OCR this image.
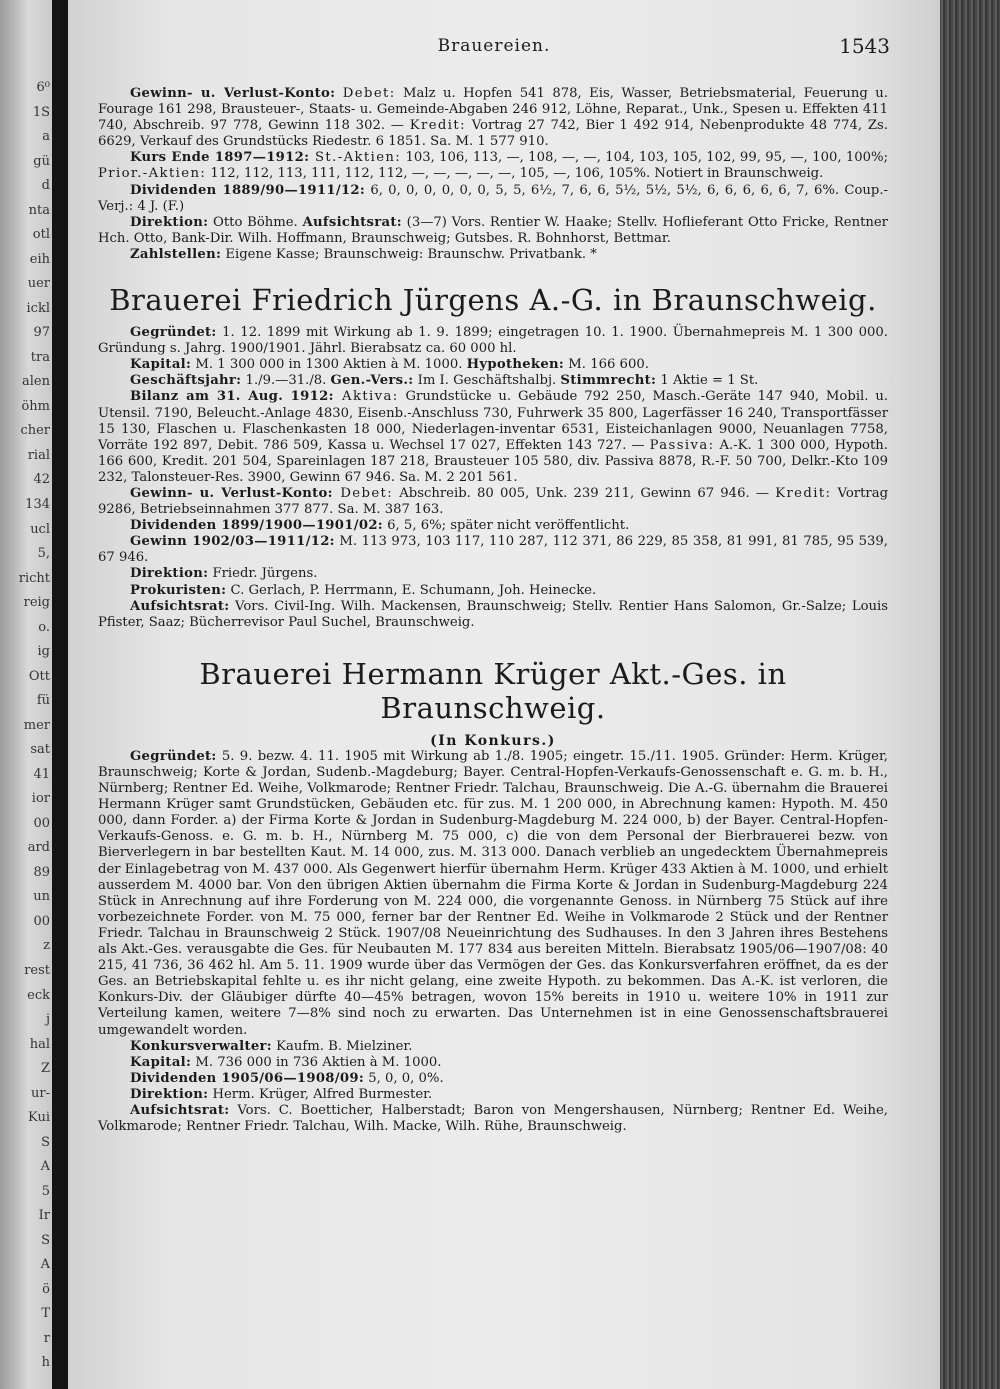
6⁰
1S
a
gü
d
nta
otl
eih
uer
ickl
97
tra
alen
öhm
cher
rial
42
134
ucl
5,
richt
reig
o.
ig
Ott
fü
mer
sat
41
ior
00
ard
89
un
00
z
rest
eck
j
hal
Z
ur-
Kui
S
A
5
Ir
S
A
ö
T
r
h
Brauereien.	1543

Gewinn- u. Verlust-Konto: Debet: Malz u. Hopfen 541 878, Eis, Wasser, Betriebsmaterial, Feuerung u. Fourage 161 298, Brausteuer-, Staats- u. Gemeinde-Abgaben 246 912, Löhne, Reparat., Unk., Spesen u. Effekten 411 740, Abschreib. 97 778, Gewinn 118 302. — Kredit: Vortrag 27 742, Bier 1 492 914, Nebenprodukte 48 774, Zs. 6629, Verkauf des Grundstücks Riedestr. 6 1851. Sa. M. 1 577 910.

Kurs Ende 1897—1912: St.-Aktien: 103, 106, 113, —, 108, —, —, 104, 103, 105, 102, 99, 95, —, 100, 100%; Prior.-Aktien: 112, 112, 113, 111, 112, 112, —, —, —, —, —, 105, —, 106, 105%. Notiert in Braunschweig.

Dividenden 1889/90—1911/12: 6, 0, 0, 0, 0, 0, 0, 5, 5, 6½, 7, 6, 6, 5½, 5½, 5½, 6, 6, 6, 6, 6, 7, 6%. Coup.-Verj.: 4 J. (F.)

Direktion: Otto Böhme. Aufsichtsrat: (3—7) Vors. Rentier W. Haake; Stellv. Hoflieferant Otto Fricke, Rentner Hch. Otto, Bank-Dir. Wilh. Hoffmann, Braunschweig; Gutsbes. R. Bohnhorst, Bettmar.

Zahlstellen: Eigene Kasse; Braunschweig: Braunschw. Privatbank. *

Brauerei Friedrich Jürgens A.-G. in Braunschweig.

Gegründet: 1. 12. 1899 mit Wirkung ab 1. 9. 1899; eingetragen 10. 1. 1900. Übernahmepreis M. 1 300 000. Gründung s. Jahrg. 1900/1901. Jährl. Bierabsatz ca. 60 000 hl.

Kapital: M. 1 300 000 in 1300 Aktien à M. 1000. Hypotheken: M. 166 600.

Geschäftsjahr: 1./9.—31./8. Gen.-Vers.: Im I. Geschäftshalbj. Stimmrecht: 1 Aktie = 1 St.

Bilanz am 31. Aug. 1912: Aktiva: Grundstücke u. Gebäude 792 250, Masch.-Geräte 147 940, Mobil. u. Utensil. 7190, Beleucht.-Anlage 4830, Eisenb.-Anschluss 730, Fuhrwerk 35 800, Lagerfässer 16 240, Transportfässer 15 130, Flaschen u. Flaschenkasten 18 000, Niederlagen-inventar 6531, Eisteichanlagen 9000, Neuanlagen 7758, Vorräte 192 897, Debit. 786 509, Kassa u. Wechsel 17 027, Effekten 143 727. — Passiva: A.-K. 1 300 000, Hypoth. 166 600, Kredit. 201 504, Spareinlagen 187 218, Brausteuer 105 580, div. Passiva 8878, R.-F. 50 700, Delkr.-Kto 109 232, Talonsteuer-Res. 3900, Gewinn 67 946. Sa. M. 2 201 561.

Gewinn- u. Verlust-Konto: Debet: Abschreib. 80 005, Unk. 239 211, Gewinn 67 946. — Kredit: Vortrag 9286, Betriebseinnahmen 377 877. Sa. M. 387 163.

Dividenden 1899/1900—1901/02: 6, 5, 6%; später nicht veröffentlicht.

Gewinn 1902/03—1911/12: M. 113 973, 103 117, 110 287, 112 371, 86 229, 85 358, 81 991, 81 785, 95 539, 67 946.

Direktion: Friedr. Jürgens.

Prokuristen: C. Gerlach, P. Herrmann, E. Schumann, Joh. Heinecke.

Aufsichtsrat: Vors. Civil-Ing. Wilh. Mackensen, Braunschweig; Stellv. Rentier Hans Salomon, Gr.-Salze; Louis Pfister, Saaz; Bücherrevisor Paul Suchel, Braunschweig.

Brauerei Hermann Krüger Akt.-Ges. in Braunschweig.

(In Konkurs.)

Gegründet: 5. 9. bezw. 4. 11. 1905 mit Wirkung ab 1./8. 1905; eingetr. 15./11. 1905. Gründer: Herm. Krüger, Braunschweig; Korte & Jordan, Sudenb.-Magdeburg; Bayer. Central-Hopfen-Verkaufs-Genossenschaft e. G. m. b. H., Nürnberg; Rentner Ed. Weihe, Volkmarode; Rentner Friedr. Talchau, Braunschweig. Die A.-G. übernahm die Brauerei Hermann Krüger samt Grundstücken, Gebäuden etc. für zus. M. 1 200 000, in Abrechnung kamen: Hypoth. M. 450 000, dann Forder. a) der Firma Korte & Jordan in Sudenburg-Magdeburg M. 224 000, b) der Bayer. Central-Hopfen-Verkaufs-Genoss. e. G. m. b. H., Nürnberg M. 75 000, c) die von dem Personal der Bierbrauerei bezw. von Bierverlegern in bar bestellten Kaut. M. 14 000, zus. M. 313 000. Danach verblieb an ungedecktem Übernahmepreis der Einlagebetrag von M. 437 000. Als Gegenwert hierfür übernahm Herm. Krüger 433 Aktien à M. 1000, und erhielt ausserdem M. 4000 bar. Von den übrigen Aktien übernahm die Firma Korte & Jordan in Sudenburg-Magdeburg 224 Stück in Anrechnung auf ihre Forderung von M. 224 000, die vorgenannte Genoss. in Nürnberg 75 Stück auf ihre vorbezeichnete Forder. von M. 75 000, ferner bar der Rentner Ed. Weihe in Volkmarode 2 Stück und der Rentner Friedr. Talchau in Braunschweig 2 Stück. 1907/08 Neueinrichtung des Sudhauses. In den 3 Jahren ihres Bestehens als Akt.-Ges. verausgabte die Ges. für Neubauten M. 177 834 aus bereiten Mitteln. Bierabsatz 1905/06—1907/08: 40 215, 41 736, 36 462 hl. Am 5. 11. 1909 wurde über das Vermögen der Ges. das Konkursverfahren eröffnet, da es der Ges. an Betriebskapital fehlte u. es ihr nicht gelang, eine zweite Hypoth. zu bekommen. Das A.-K. ist verloren, die Konkurs-Div. der Gläubiger dürfte 40—45% betragen, wovon 15% bereits in 1910 u. weitere 10% in 1911 zur Verteilung kamen, weitere 7—8% sind noch zu erwarten. Das Unternehmen ist in eine Genossenschaftsbrauerei umgewandelt worden.

Konkursverwalter: Kaufm. B. Mielziner.

Kapital: M. 736 000 in 736 Aktien à M. 1000.

Dividenden 1905/06—1908/09: 5, 0, 0, 0%.

Direktion: Herm. Krüger, Alfred Burmester.

Aufsichtsrat: Vors. C. Boetticher, Halberstadt; Baron von Mengershausen, Nürnberg; Rentner Ed. Weihe, Volkmarode; Rentner Friedr. Talchau, Wilh. Macke, Wilh. Rühe, Braunschweig.
